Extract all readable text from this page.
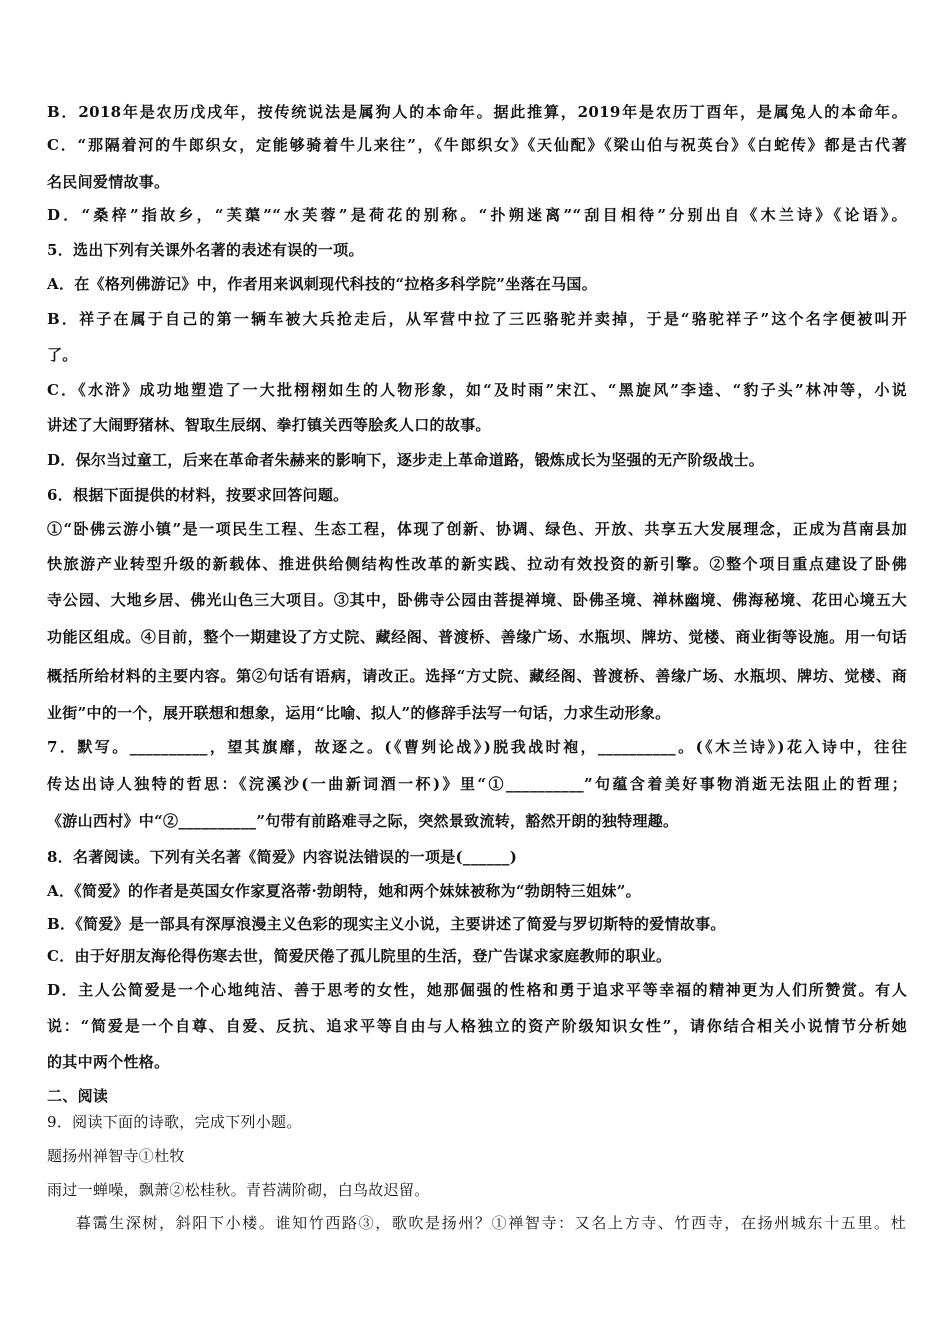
B．2018年是农历戊戌年，按传统说法是属狗人的本命年。据此推算，2019年是农历丁酉年，是属兔人的本命年。
C．“那隔着河的牛郎织女，定能够骑着牛儿来往”，《牛郎织女》《天仙配》《梁山伯与祝英台》《白蛇传》都是古代著
名民间爱情故事。
D．“桑梓”指故乡，“芙蕖”“水芙蓉”是荷花的别称。“扑朔迷离”“刮目相待”分别出自《木兰诗》《论语》。
5．选出下列有关课外名著的表述有误的一项。
A．在《格列佛游记》中，作者用来讽刺现代科技的“拉格多科学院”坐落在马国。
B．祥子在属于自己的第一辆车被大兵抢走后，从军营中拉了三匹骆驼并卖掉，于是“骆驼祥子”这个名字便被叫开
了。
C．《水浒》成功地塑造了一大批栩栩如生的人物形象，如“及时雨”宋江、“黑旋风”李逵、“豹子头”林冲等，小说
讲述了大闹野猪林、智取生辰纲、拳打镇关西等脍炙人口的故事。
D．保尔当过童工，后来在革命者朱赫来的影响下，逐步走上革命道路，锻炼成长为坚强的无产阶级战士。
6．根据下面提供的材料，按要求回答问题。
①“卧佛云游小镇”是一项民生工程、生态工程，体现了创新、协调、绿色、开放、共享五大发展理念，正成为莒南县加
快旅游产业转型升级的新载体、推进供给侧结构性改革的新实践、拉动有效投资的新引擎。②整个项目重点建设了卧佛
寺公园、大地乡居、佛光山色三大项目。③其中，卧佛寺公园由菩提禅境、卧佛圣境、禅林幽境、佛海秘境、花田心境五大
功能区组成。④目前，整个一期建设了方丈院、藏经阁、普渡桥、善缘广场、水瓶坝、牌坊、觉楼、商业街等设施。用一句话
概括所给材料的主要内容。第②句话有语病，请改正。选择“方丈院、藏经阁、普渡桥、善缘广场、水瓶坝、牌坊、觉楼、商
业街”中的一个，展开联想和想象，运用“比喻、拟人”的修辞手法写一句话，力求生动形象。
7．默写。__________，望其旗靡，故逐之。(《曹刿论战》)脱我战时袍，__________。(《木兰诗》)花入诗中，往往
传达出诗人独特的哲思：《浣溪沙(一曲新词酒一杯)》里“①__________”句蕴含着美好事物消逝无法阻止的哲理；
《游山西村》中“②__________”句带有前路难寻之际，突然景致流转，豁然开朗的独特理趣。
8．名著阅读。下列有关名著《简爱》内容说法错误的一项是(______)
A．《简爱》的作者是英国女作家夏洛蒂·勃朗特，她和两个妹妹被称为“勃朗特三姐妹”。
B．《简爱》是一部具有深厚浪漫主义色彩的现实主义小说，主要讲述了简爱与罗切斯特的爱情故事。
C．由于好朋友海伦得伤寒去世，简爱厌倦了孤儿院里的生活，登广告谋求家庭教师的职业。
D．主人公简爱是一个心地纯洁、善于思考的女性，她那倔强的性格和勇于追求平等幸福的精神更为人们所赞赏。有人
说：“简爱是一个自尊、自爱、反抗、追求平等自由与人格独立的资产阶级知识女性”，请你结合相关小说情节分析她
的其中两个性格。
二、阅读
9．阅读下面的诗歌，完成下列小题。
题扬州禅智寺①杜牧
雨过一蝉噪，飘萧②松桂秋。青苔满阶砌，白鸟故迟留。
暮霭生深树，斜阳下小楼。谁知竹西路③，歌吹是扬州？①禅智寺：又名上方寺、竹西寺，在扬州城东十五里。杜
